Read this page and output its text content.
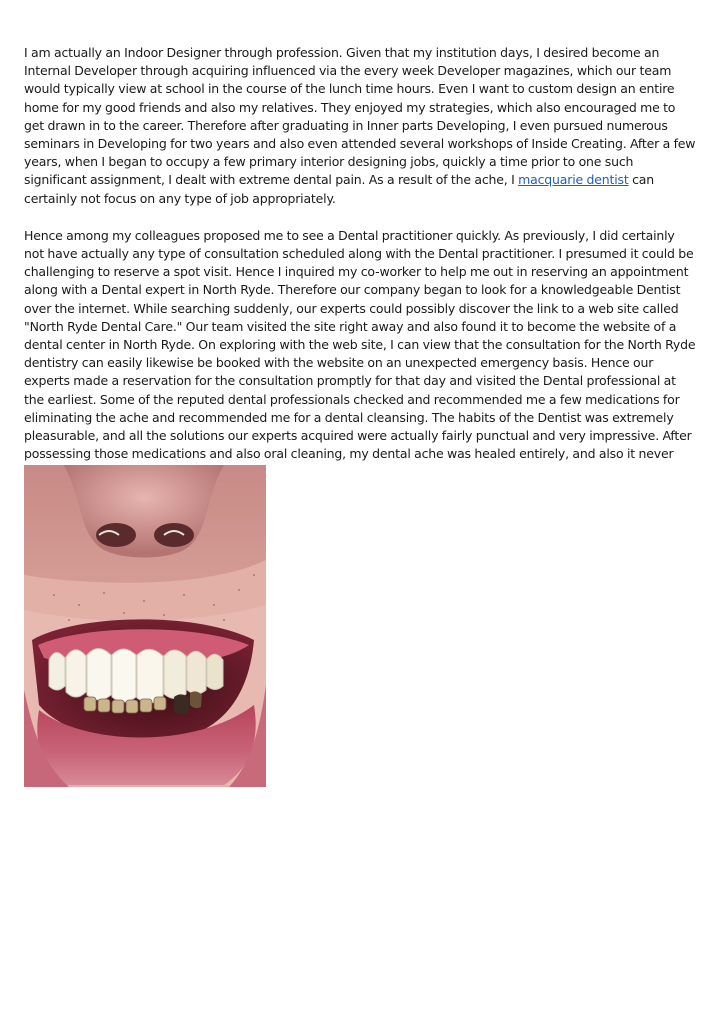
I am actually an Indoor Designer through profession. Given that my institution days, I desired become an Internal Developer through acquiring influenced via the every week Developer magazines, which our team would typically view at school in the course of the lunch time hours. Even I want to custom design an entire home for my good friends and also my relatives. They enjoyed my strategies, which also encouraged me to get drawn in to the career. Therefore after graduating in Inner parts Developing, I even pursued numerous seminars in Developing for two years and also even attended several workshops of Inside Creating. After a few years, when I began to occupy a few primary interior designing jobs, quickly a time prior to one such significant assignment, I dealt with extreme dental pain. As a result of the ache, I macquarie dentist can certainly not focus on any type of job appropriately.

Hence among my colleagues proposed me to see a Dental practitioner quickly. As previously, I did certainly not have actually any type of consultation scheduled along with the Dental practitioner. I presumed it could be challenging to reserve a spot visit. Hence I inquired my co-worker to help me out in reserving an appointment along with a Dental expert in North Ryde. Therefore our company began to look for a knowledgeable Dentist over the internet. While searching suddenly, our experts could possibly discover the link to a web site called "North Ryde Dental Care." Our team visited the site right away and also found it to become the website of a dental center in North Ryde. On exploring with the web site, I can view that the consultation for the North Ryde dentistry can easily likewise be booked with the website on an unexpected emergency basis. Hence our experts made a reservation for the consultation promptly for that day and visited the Dental professional at the earliest. Some of the reputed dental professionals checked and recommended me a few medications for eliminating the ache and recommended me for a dental cleansing. The habits of the Dentist was extremely pleasurable, and all the solutions our experts acquired were actually fairly punctual and very impressive. After possessing those medications and also oral cleaning, my dental ache was healed entirely, and also it never
